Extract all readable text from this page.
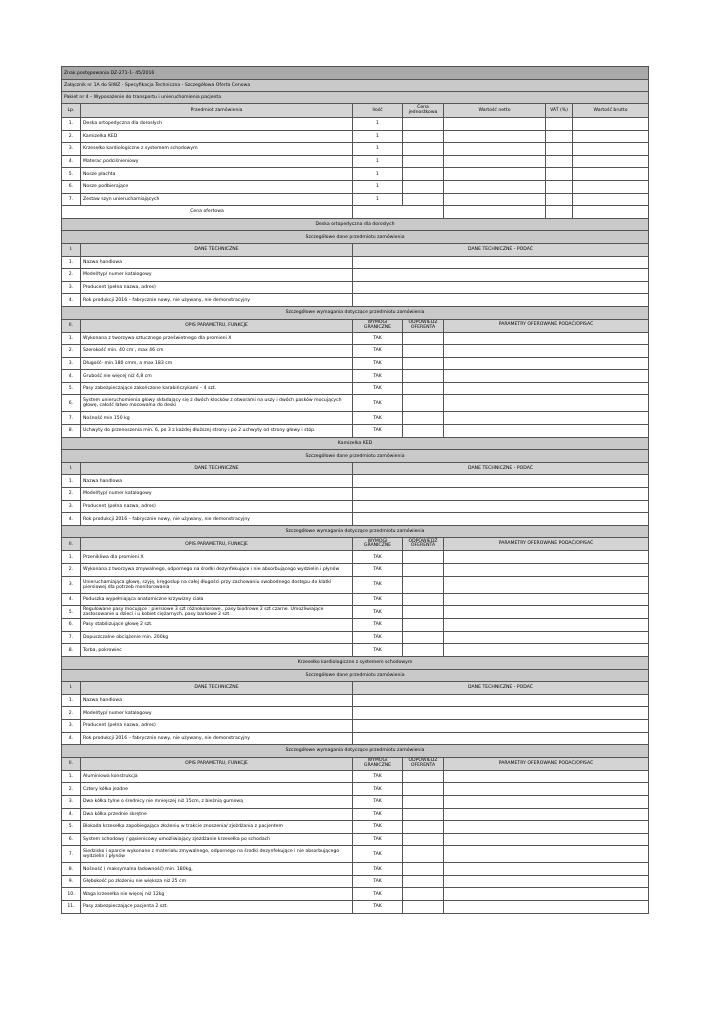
Znak postępowania DZ-271-1- 45/2016						
Załącznik nr 1A do SIWZ - Specyfikacja Techniczna - Szczegółowa Oferta Cenowa						
Pakiet nr 4 – Wyposażenie do transportu i unieruchomienia pacjenta						
Lp.	Przedmiot zamówienia	Ilość	Cena jednostkowa	Wartość netto	VAT (%)	Wartość brutto
1.	Deska ortopedyczna dla dorosłych	1				
2.	Kamizelka KED	1				
3.	Krzesełko kardiologiczne z systemem schodowym	1				
4.	Materac podciśnieniowy	1				
5.	Nosze płachta	1				
6.	Nosze podbierające	1				
7.	Zestaw szyn unieruchamiających	1				
Cena ofertowa						
Deska ortopedyczna dla dorosłych						
Szczegółowe dane przedmiotu zamówienia						
I.	DANE TECHNICZNE	DANE TECHNICZNE - PODAĆ				
1.	Nazwa handlowa					
2.	Model/typ/ numer katalogowy					
3.	Producent (pełna nazwa, adres)					
4.	Rok produkcji 2016 – fabrycznie nowy, nie używany, nie demonstracyjny					
Szczegółowe wymagania dotyczące przedmiotu zamówienia						
II.	OPIS PARAMETRU, FUNKCJE	WYMOGI GRANICZNE	ODPOWIEDŹ OFERENTA	PARAMETRY OFEROWANE PODAĆ/OPISAĆ		
1.	Wykonana z tworzywa sztucznego prześwietnego dla promieni X	TAK				
2.	Szerokość min. 40 cm , max 46 cm	TAK				
3.	Długość- min.180 cmm, a max 183 cm	TAK				
4.	Grubość nie więcej niż 4,8 cm	TAK				
5.	Pasy zabezpieczające zakończone karabińczykami – 4 szt.	TAK				
6.	System unieruchomienia głowy składający się z dwóch klocków z otworami na uszy i dwóch pasków mocujących głowę, całość łatwo mocowalna do deski	TAK				
7.	Nośność min 150 kg	TAK				
8.	Uchwyty do przenoszenia min. 6, po 3 z każdej dłuższej strony i po 2 uchwyty od strony głowy i stóp.	TAK				
Kamizelka KED						
Szczegółowe dane przedmiotu zamówienia						
I.	DANE TECHNICZNE	DANE TECHNICZNE - PODAĆ				
1.	Nazwa handlowa					
2.	Model/typ/ numer katalogowy					
3.	Producent (pełna nazwa, adres)					
4.	Rok produkcji 2016 – fabrycznie nowy, nie używany, nie demonstracyjny					
Szczegółowe wymagania dotyczące przedmiotu zamówienia						
II.	OPIS PARAMETRU, FUNKCJE	WYMOGI GRANICZNE	ODPOWIEDŹ OFERENTA	PARAMETRY OFEROWANE PODAĆ/OPISAĆ		
1.	Przenikliwa dla promieni X	TAK				
2.	Wykonana z tworzywa zmywalnego, odpornego na środki dezynfekujące i nie absorbującego wydzielin i płynów	TAK				
3.	Unieruchamiająca głowę, szyję, kręgosłup na całej długości przy zachowaniu swobodnego dostępu do klatki piersiowej dla potrzeb monitorowania	TAK				
4.	Poduszka wypełniająca anatomiczne krzywizny ciała	TAK				
5.	Regulowane pasy mocujące : piersiowe 3 szt różnokolorowe., pasy biodrowe 2 szt czarne. Umożliwiające zastosowanie u dzieci i u kobiet ciężarnych, pasy barkowe 2 szt.	TAK				
6.	Pasy stabilizujące głowę 2 szt.	TAK				
7.	Dopuszczalne obciążenie min. 200kg	TAK				
8.	Torba, pokrowiec	TAK				
Krzesełko kardiologiczne z systemem schodowym						
Szczegółowe dane przedmiotu zamówienia						
I.	DANE TECHNICZNE	DANE TECHNICZNE - PODAĆ				
1.	Nazwa handlowa					
2.	Model/typ/ numer katalogowy					
3.	Producent (pełna nazwa, adres)					
4.	Rok produkcji 2016 – fabrycznie nowy, nie używany, nie demonstracyjny					
Szczegółowe wymagania dotyczące przedmiotu zamówienia						
II.	OPIS PARAMETRU, FUNKCJE	WYMOGI GRANICZNE	ODPOWIEDŹ OFERENTA	PARAMETRY OFEROWANE PODAĆ/OPISAĆ		
1.	Aluminiowa konstrukcja	TAK				
2.	Cztery kółka jezdne	TAK				
3.	Dwa kółka tylne o średnicy nie mniejszej niż 15cm, z bieżnią gumową	TAK				
4.	Dwa kółka przednie skrętne	TAK				
5.	Blokada krzesełka zapobiegająca złożeniu w trakcie znoszenia/ zjeżdżania z pacjentem	TAK				
6.	System schodowy / gąsienicowy umożliwiający zjeżdżanie krzesełka po schodach	TAK				
7.	Siedzisko i oparcie wykonane z materiału zmywalnego, odpornego na środki dezynfekujące i nie absorbującego wydzielin i płynów	TAK				
8.	Nośność ( maksymalna ładowność) min. 180kg,	TAK				
9.	Głębokość po złożeniu nie większa niż 25 cm	TAK				
10.	Waga krzesełka nie więcej niż 12kg	TAK				
11.	Pasy zabezpieczające pacjenta 2 szt.	TAK				
